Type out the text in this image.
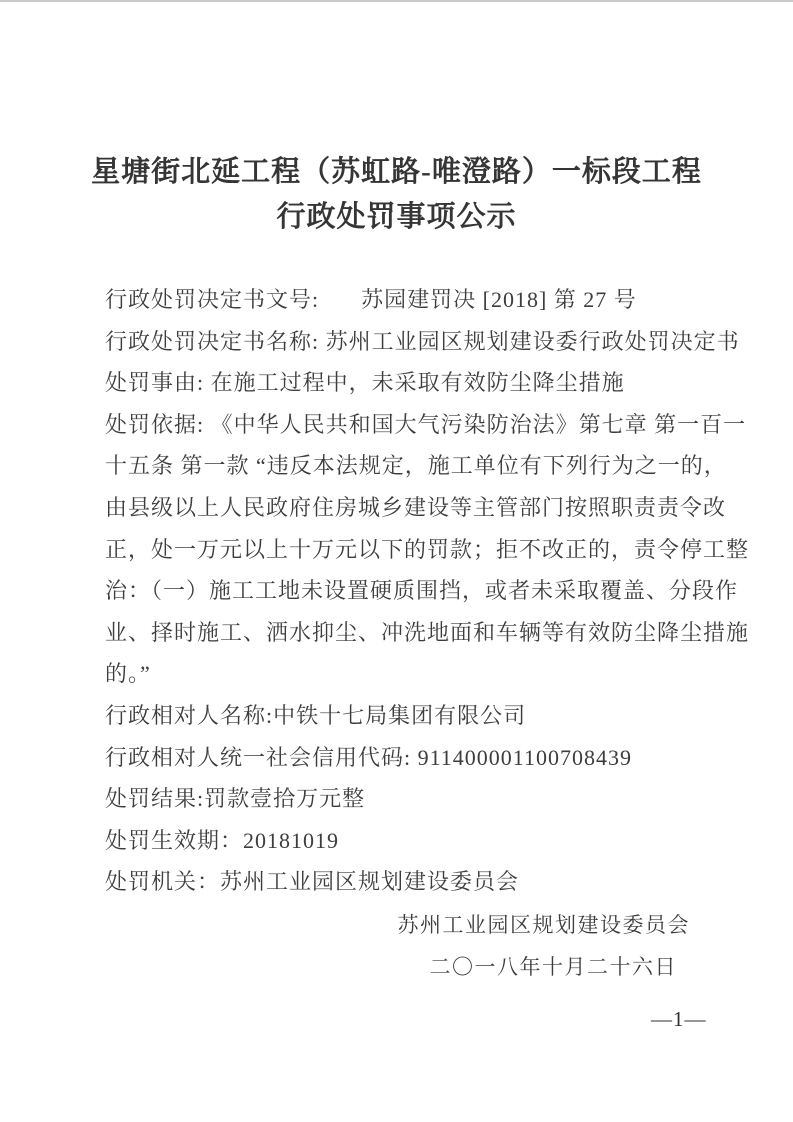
星塘街北延工程（苏虹路-唯澄路）一标段工程
行政处罚事项公示
行政处罚决定书文号: 苏园建罚决 [2018] 第 27 号
行政处罚决定书名称: 苏州工业园区规划建设委行政处罚决定书
处罚事由: 在施工过程中，未采取有效防尘降尘措施
处罚依据: 《中华人民共和国大气污染防治法》第七章 第一百一
十五条 第一款 “违反本法规定，施工单位有下列行为之一的，
由县级以上人民政府住房城乡建设等主管部门按照职责责令改
正，处一万元以上十万元以下的罚款；拒不改正的，责令停工整
治：（一）施工工地未设置硬质围挡，或者未采取覆盖、分段作
业、择时施工、洒水抑尘、冲洗地面和车辆等有效防尘降尘措施
的。”
行政相对人名称:中铁十七局集团有限公司
行政相对人统一社会信用代码: 911400001100708439
处罚结果:罚款壹拾万元整
处罚生效期：20181019
处罚机关：苏州工业园区规划建设委员会
苏州工业园区规划建设委员会
二〇一八年十月二十六日
—1—
